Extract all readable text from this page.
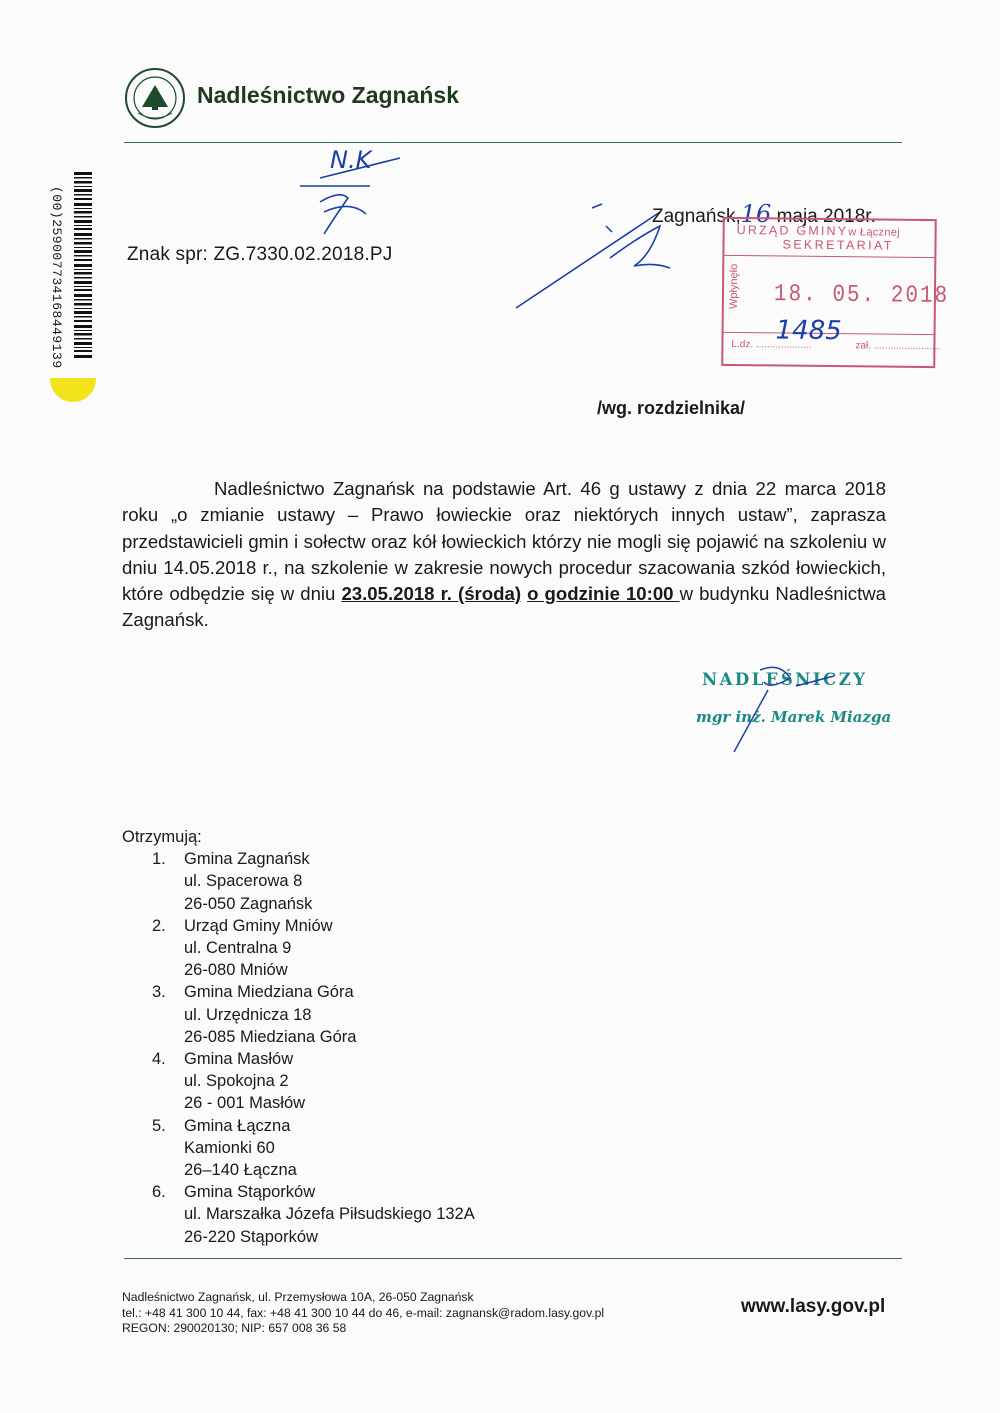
Nadleśnictwo Zagnańsk
(00)259007734168449139
N.K
Znak spr: ZG.7330.02.2018.PJ
Zagnańsk,16 maja 2018r.
URZĄD GMINYw Łącznej
SEKRETARIAT
Wpłynęło 18. 05. 2018
L.dz. ....................
1485
zał. ........................
/wg. rozdzielnika/

Nadleśnictwo Zagnańsk na podstawie Art. 46 g ustawy z dnia 22 marca 2018 roku „o zmianie ustawy – Prawo łowieckie oraz niektórych innych ustaw”, zaprasza przedstawicieli gmin i sołectw oraz kół łowieckich którzy nie mogli się pojawić na szkoleniu w dniu 14.05.2018 r., na szkolenie w zakresie nowych procedur szacowania szkód łowieckich, które odbędzie się w dniu 23.05.2018 r. (środa) o godzinie 10:00 w budynku Nadleśnictwa Zagnańsk.

NADLEŚNICZY
mgr inż. Marek Miazga
Otrzymują:
1.	Gmina Zagnańsk
ul. Spacerowa 8
26-050 Zagnańsk
2.	Urząd Gminy Mniów
ul. Centralna 9
26-080 Mniów
3.	Gmina Miedziana Góra
ul. Urzędnicza 18
26-085 Miedziana Góra
4.	Gmina Masłów
ul. Spokojna 2
26 - 001 Masłów
5.	Gmina Łączna
Kamionki 60
26–140 Łączna
6.	Gmina Stąporków
ul. Marszałka Józefa Piłsudskiego 132A
26-220 Stąporków
Nadleśnictwo Zagnańsk, ul. Przemysłowa 10A, 26-050 Zagnańsk
tel.: +48 41 300 10 44, fax: +48 41 300 10 44 do 46, e-mail: zagnansk@radom.lasy.gov.pl
REGON: 290020130; NIP: 657 008 36 58
www.lasy.gov.pl
